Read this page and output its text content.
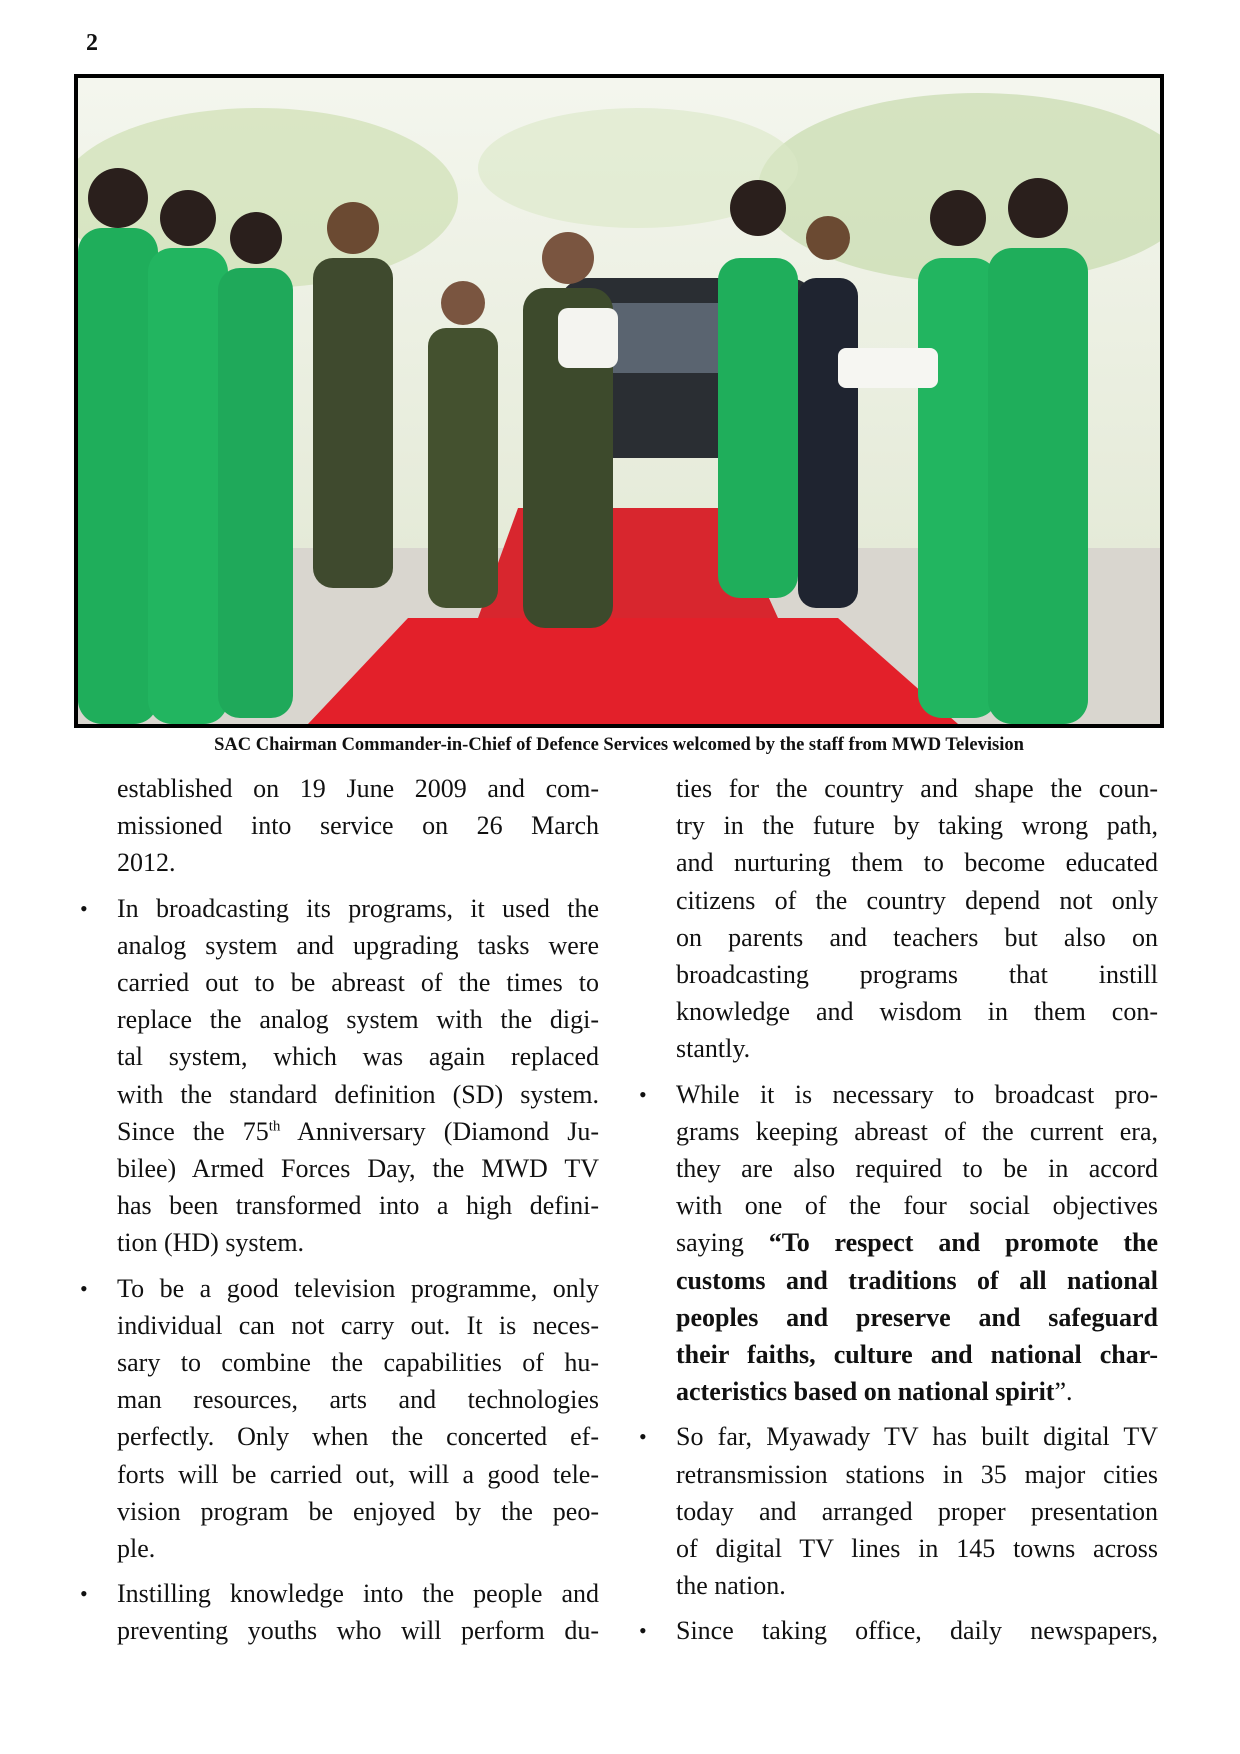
2
SAC Chairman Commander-in-Chief of Defence Services welcomed by the staff from MWD Television
established on 19 June 2009 and com-
missioned into service on 26 March
2012.
• In broadcasting its programs, it used the
analog system and upgrading tasks were
carried out to be abreast of the times to
replace the analog system with the digi-
tal system, which was again replaced
with the standard definition (SD) system.
Since the 75th Anniversary (Diamond Ju-
bilee) Armed Forces Day, the MWD TV
has been transformed into a high defini-
tion (HD) system.
• To be a good television programme, only
individual can not carry out. It is neces-
sary to combine the capabilities of hu-
man resources, arts and technologies
perfectly. Only when the concerted ef-
forts will be carried out, will a good tele-
vision program be enjoyed by the peo-
ple.
• Instilling knowledge into the people and
preventing youths who will perform du-
ties for the country and shape the coun-
try in the future by taking wrong path,
and nurturing them to become educated
citizens of the country depend not only
on parents and teachers but also on
broadcasting programs that instill
knowledge and wisdom in them con-
stantly.
• While it is necessary to broadcast pro-
grams keeping abreast of the current era,
they are also required to be in accord
with one of the four social objectives
saying “To respect and promote the
customs and traditions of all national
peoples and preserve and safeguard
their faiths, culture and national char-
acteristics based on national spirit”.
• So far, Myawady TV has built digital TV
retransmission stations in 35 major cities
today and arranged proper presentation
of digital TV lines in 145 towns across
the nation.
• Since taking office, daily newspapers,
